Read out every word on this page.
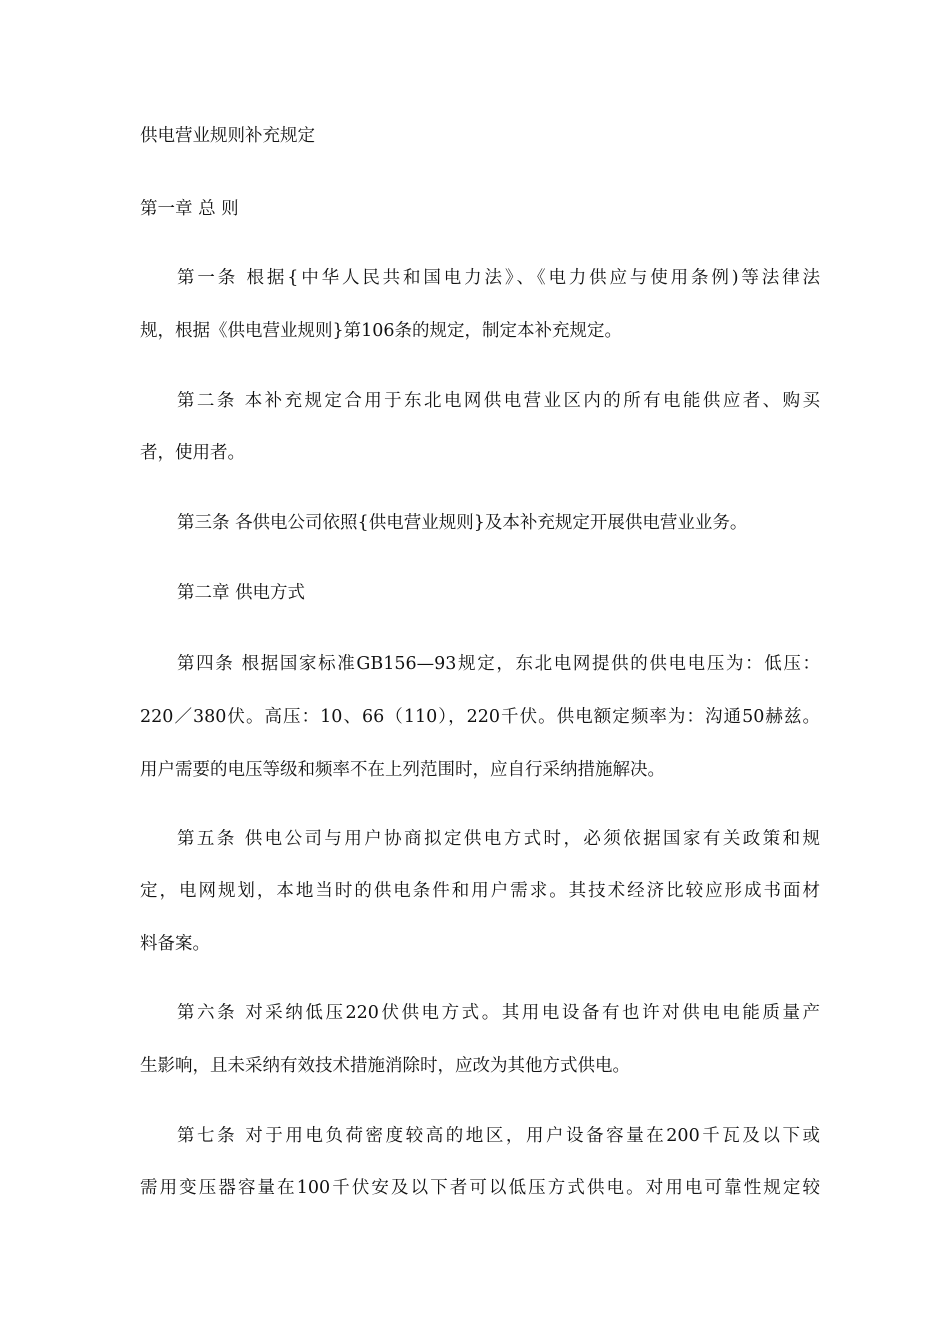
供电营业规则补充规定
第一章 总 则
第一条 根据{中华人民共和国电力法》、《电力供应与使用条例)等法律法
规，根据《供电营业规则}第106条的规定，制定本补充规定。
第二条 本补充规定合用于东北电网供电营业区内的所有电能供应者、购买
者，使用者。
第三条 各供电公司依照{供电营业规则}及本补充规定开展供电营业业务。
第二章 供电方式
第四条 根据国家标准GB156—93规定，东北电网提供的供电电压为：低压：
220／380伏。高压：10、66（110），220千伏。供电额定频率为：沟通50赫兹。
用户需要的电压等级和频率不在上列范围时，应自行采纳措施解决。
第五条 供电公司与用户协商拟定供电方式时，必须依据国家有关政策和规
定，电网规划，本地当时的供电条件和用户需求。其技术经济比较应形成书面材
料备案。
第六条 对采纳低压220伏供电方式。其用电设备有也许对供电电能质量产
生影响，且未采纳有效技术措施消除时，应改为其他方式供电。
第七条 对于用电负荷密度较高的地区，用户设备容量在200千瓦及以下或
需用变压器容量在100千伏安及以下者可以低压方式供电。对用电可靠性规定较
